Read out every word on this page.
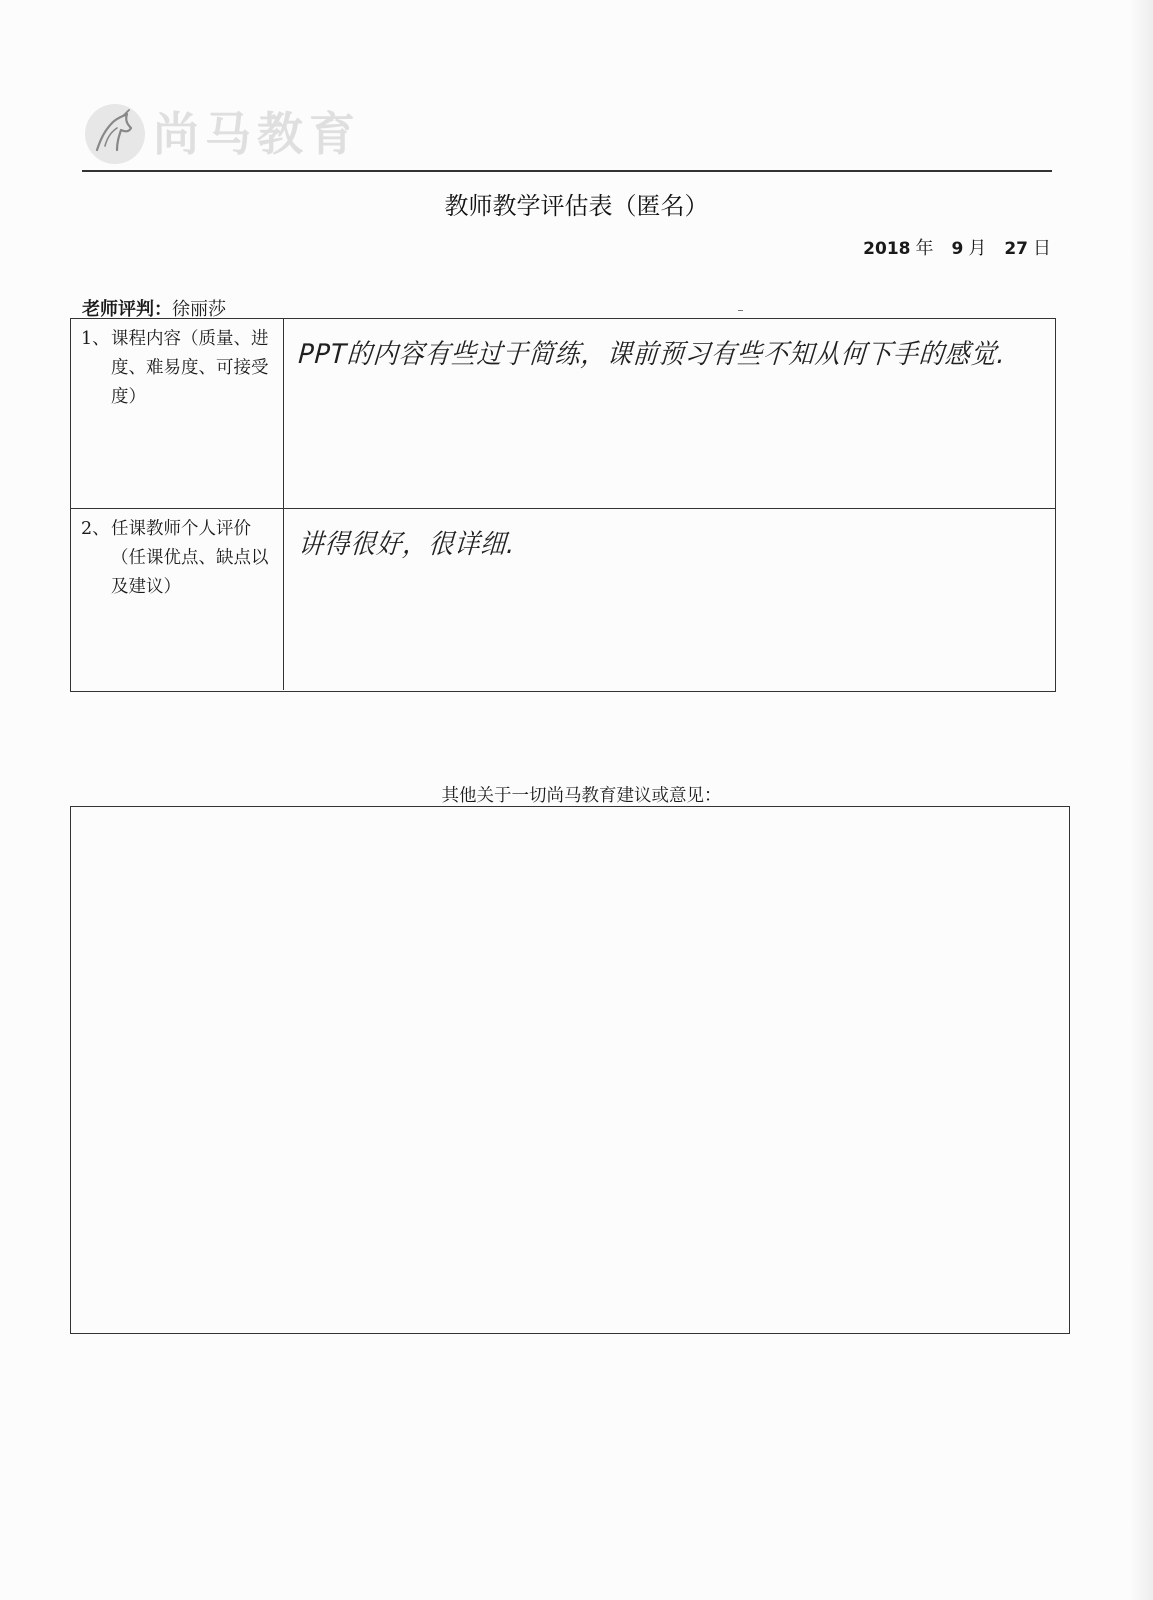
尚马教育
教师教学评估表（匿名）
2018 年 9 月 27 日
老师评判：徐丽莎
1、 课程内容（质量、进度、难易度、可接受度）
PPT的内容有些过于简练，课前预习有些不知从何下手的感觉.
2、 任课教师个人评价（任课优点、缺点以及建议）
讲得很好，很详细.
其他关于一切尚马教育建议或意见：
